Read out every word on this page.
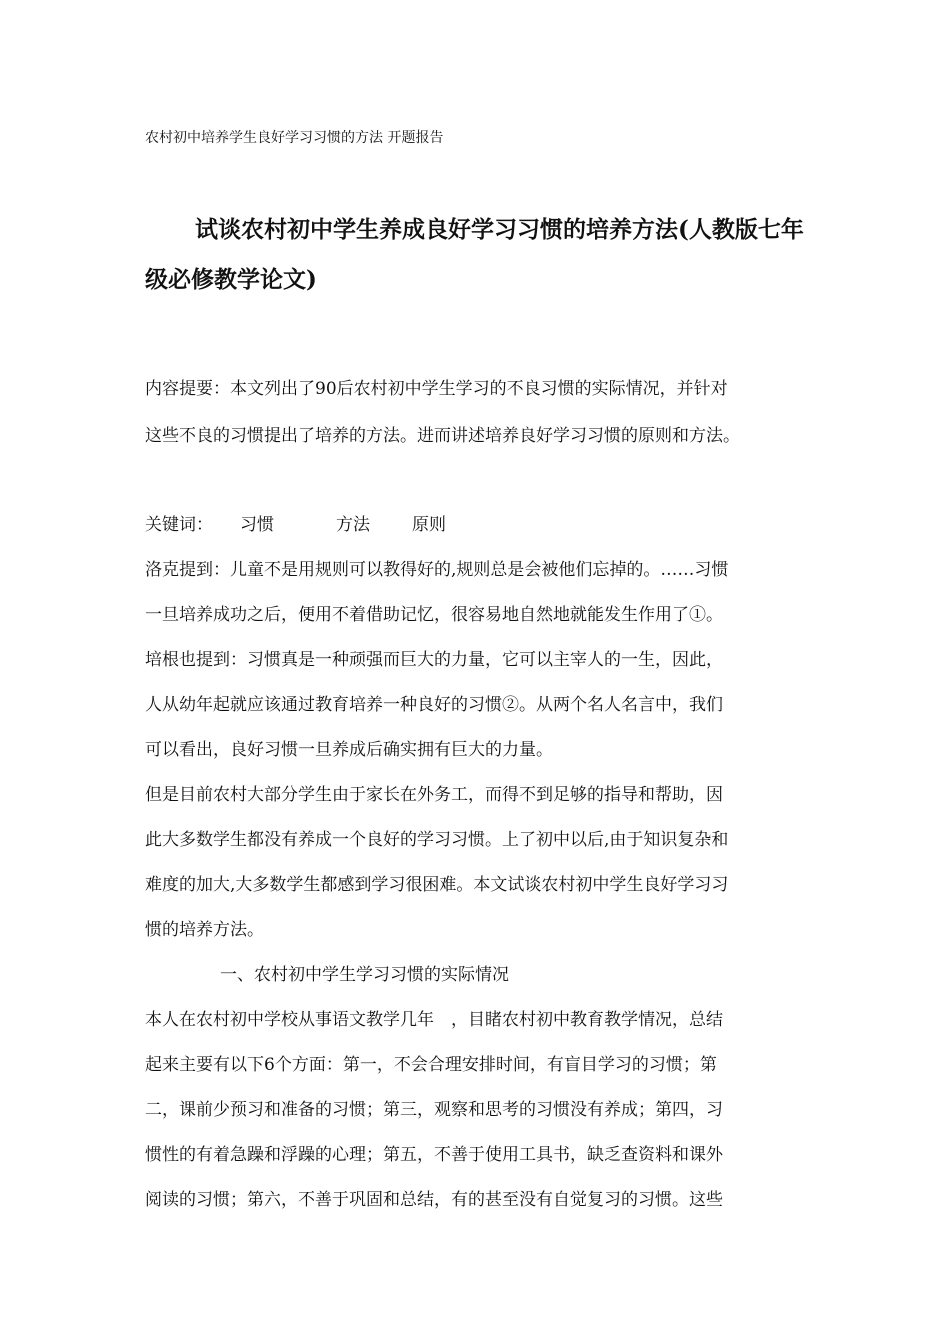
农村初中培养学生良好学习习惯的方法 开题报告
试谈农村初中学生养成良好学习习惯的培养方法(人教版七年级必修教学论文)
内容提要：本文列出了90后农村初中学生学习的不良习惯的实际情况，并针对
这些不良的习惯提出了培养的方法。进而讲述培养良好学习习惯的原则和方法。
关键词： 习惯	方法 原则
洛克提到：儿童不是用规则可以教得好的,规则总是会被他们忘掉的。……习惯
一旦培养成功之后，便用不着借助记忆，很容易地自然地就能发生作用了①。
培根也提到：习惯真是一种顽强而巨大的力量，它可以主宰人的一生，因此，
人从幼年起就应该通过教育培养一种良好的习惯②。从两个名人名言中，我们
可以看出，良好习惯一旦养成后确实拥有巨大的力量。
但是目前农村大部分学生由于家长在外务工，而得不到足够的指导和帮助，因
此大多数学生都没有养成一个良好的学习习惯。上了初中以后,由于知识复杂和
难度的加大,大多数学生都感到学习很困难。本文试谈农村初中学生良好学习习
惯的培养方法。
一、农村初中学生学习习惯的实际情况
本人在农村初中学校从事语文教学几年　，目睹农村初中教育教学情况，总结
起来主要有以下6个方面：第一，不会合理安排时间，有盲目学习的习惯；第
二，课前少预习和准备的习惯；第三，观察和思考的习惯没有养成；第四，习
惯性的有着急躁和浮躁的心理；第五，不善于使用工具书，缺乏查资料和课外
阅读的习惯；第六，不善于巩固和总结，有的甚至没有自觉复习的习惯。这些
